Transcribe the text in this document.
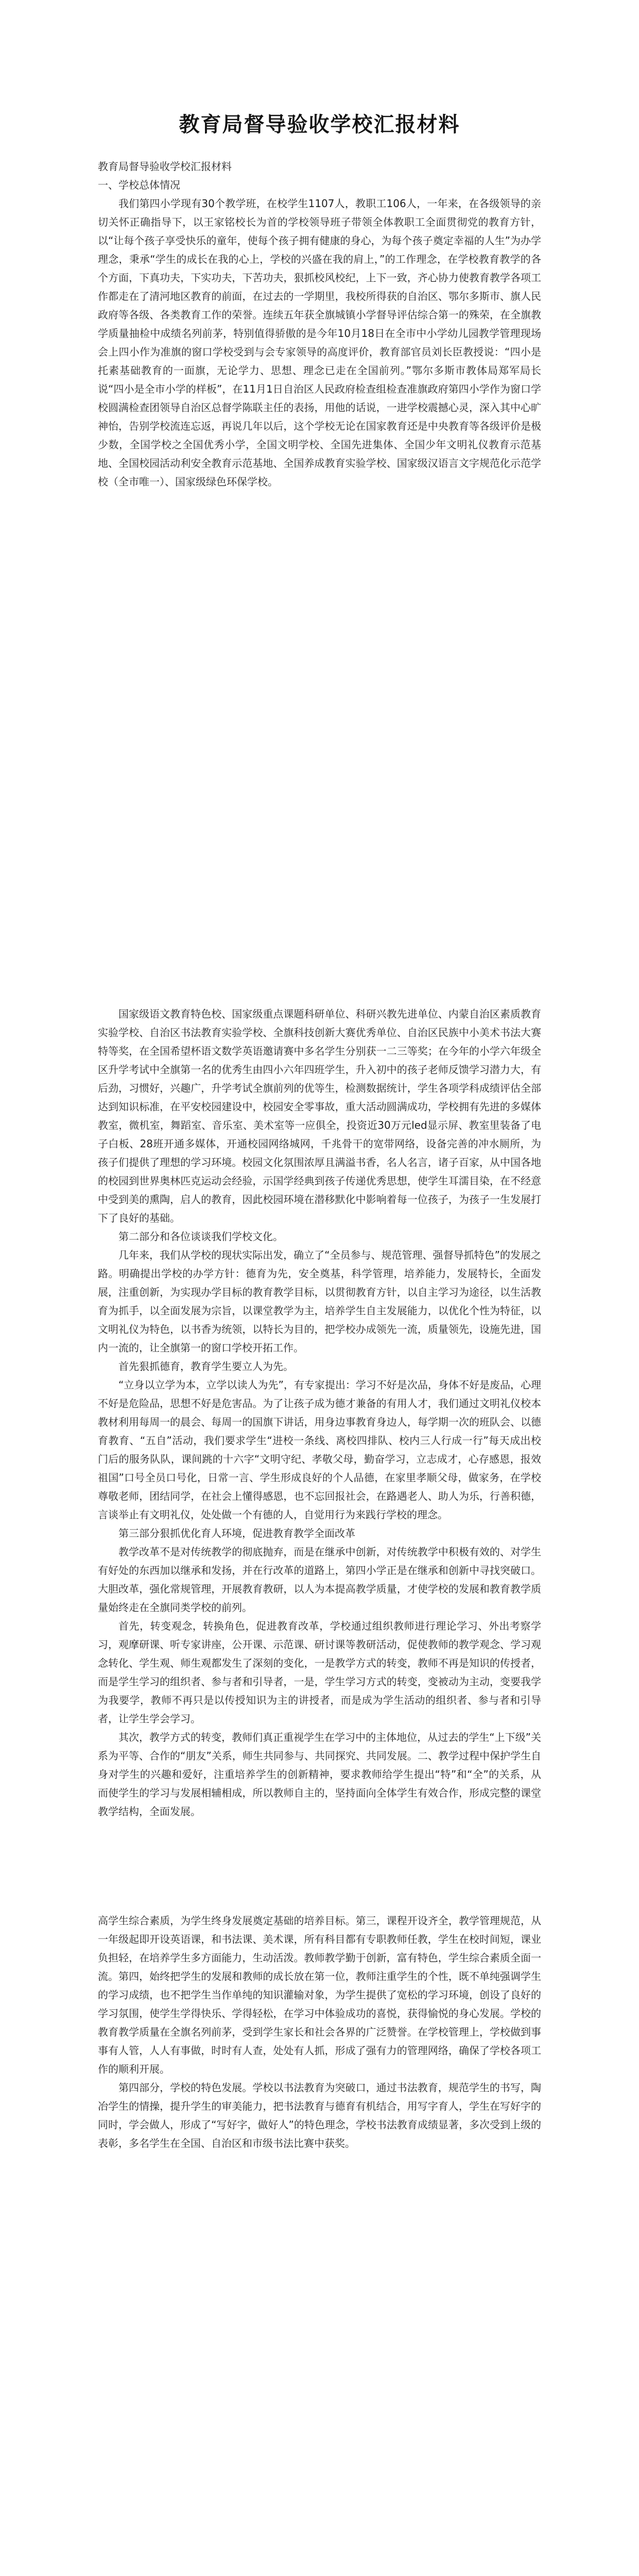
教育局督导验收学校汇报材料

教育局督导验收学校汇报材料

一、学校总体情况

我们第四小学现有30个教学班，在校学生1107人，教职工106人，一年来，在各级领导的亲切关怀正确指导下，以王家铭校长为首的学校领导班子带领全体教职工全面贯彻党的教育方针，以“让每个孩子享受快乐的童年，使每个孩子拥有健康的身心，为每个孩子奠定幸福的人生”为办学理念，秉承“学生的成长在我的心上，学校的兴盛在我的肩上，”的工作理念，在学校教育教学的各个方面，下真功夫，下实功夫，下苦功夫，狠抓校风校纪，上下一致，齐心协力使教育教学各项工作都走在了清河地区教育的前面，在过去的一学期里，我校所得获的自治区、鄂尔多斯市、旗人民政府等各级、各类教育工作的荣誉。连续五年获全旗城镇小学督导评估综合第一的殊荣，在全旗教学质量抽检中成绩名列前茅，特别值得骄傲的是今年10月18日在全市中小学幼儿园教学管理现场会上四小作为准旗的窗口学校受到与会专家领导的高度评价，教育部官员刘长臣教授说：“四小是托素基础教育的一面旗，无论学力、思想、理念已走在全国前列。”鄂尔多斯市教体局郑军局长说“四小是全市小学的样板”，在11月1日自治区人民政府检查组检查准旗政府第四小学作为窗口学校圆满检查团领导自治区总督学陈联主任的表扬，用他的话说，一进学校震撼心灵，深入其中心旷神怡，告别学校流连忘返，再说几年以后，这个学校无论在国家教育还是中央教育等各级评价是极少数，全国学校之全国优秀小学，全国文明学校、全国先进集体、全国少年文明礼仪教育示范基地、全国校园活动利安全教育示范基地、全国养成教育实验学校、国家级汉语言文字规范化示范学校（全市唯一）、国家级绿色环保学校。

国家级语文教育特色校、国家级重点课题科研单位、科研兴教先进单位、内蒙自治区素质教育实验学校、自治区书法教育实验学校、全旗科技创新大赛优秀单位、自治区民族中小美术书法大赛特等奖，在全国希望杯语文数学英语邀请赛中多名学生分别获一二三等奖；在今年的小学六年级全区升学考试中全旗第一名的优秀生由四小六年四班学生，升入初中的孩子老师反馈学习潜力大，有后劲，习惯好，兴趣广，升学考试全旗前列的优等生，检测数据统计，学生各项学科成绩评估全部达到知识标准，在平安校园建设中，校园安全零事故，重大活动圆满成功，学校拥有先进的多媒体教室，微机室，舞蹈室、音乐室、美术室等一应俱全，投资近30万元led显示屏、教室里装备了电子白板、28班开通多媒体，开通校园网络城网，千兆骨干的宽带网络，设备完善的冲水厕所，为孩子们提供了理想的学习环境。校园文化氛围浓厚且满溢书香，名人名言，诸子百家，从中国各地的校园到世界奥林匹克运动会经验，示国学经典到孩子传递优秀思想，使学生耳濡目染，在不经意中受到美的熏陶，启人的教育，因此校园环境在潜移默化中影响着每一位孩子，为孩子一生发展打下了良好的基础。

第二部分和各位谈谈我们学校文化。

几年来，我们从学校的现状实际出发，确立了“全员参与、规范管理、强督导抓特色”的发展之路。明确提出学校的办学方针：德育为先，安全奠基，科学管理，培养能力，发展特长，全面发展，注重创新，为实现办学目标的教育教学目标，以贯彻教育方针，以自主学习为途径，以生活教育为抓手，以全面发展为宗旨，以课堂教学为主，培养学生自主发展能力，以优化个性为特征，以文明礼仪为特色，以书香为统领，以特长为目的，把学校办成领先一流，质量领先，设施先进，国内一流的，让全旗第一的窗口学校开拓工作。

首先狠抓德育，教育学生要立人为先。

“立身以立学为本，立学以读人为先”，有专家提出：学习不好是次品，身体不好是废品，心理不好是危险品，思想不好是危害品。为了让孩子成为德才兼备的有用人才，我们通过文明礼仪校本教材利用每周一的晨会、每周一的国旗下讲话，用身边事教育身边人，每学期一次的班队会、以德育教育、“五自”活动，我们要求学生“进校一条线、离校四排队、校内三人行成一行”每天成出校门后的服务队队，课间跳的十六字“文明守纪、孝敬父母，勤奋学习，立志成才，心存感恩，报效祖国”口号全员口号化，日常一言、学生形成良好的个人品德，在家里孝顺父母，做家务，在学校尊敬老师，团结同学，在社会上懂得感恩，也不忘回报社会，在路遇老人、助人为乐，行善积德，言谈举止有文明礼仪，处处做一个有德的人，自觉用行为来践行学校的理念。

第三部分狠抓优化育人环境，促进教育教学全面改革

教学改革不是对传统教学的彻底抛弃，而是在继承中创新，对传统教学中积极有效的、对学生有好处的东西加以继承和发扬，并在行改革的道路上，第四小学正是在继承和创新中寻找突破口。大胆改革，强化常规管理，开展教育教研，以人为本提高教学质量，才使学校的发展和教育教学质量始终走在全旗同类学校的前列。

首先，转变观念，转换角色，促进教育改革，学校通过组织教师进行理论学习、外出考察学习，观摩研课、听专家讲座，公开课、示范课、研讨课等教研活动，促使教师的教学观念、学习观念转化、学生观、师生观都发生了深刻的变化，一是教学方式的转变，教师不再是知识的传授者，而是学生学习的组织者、参与者和引导者，一是，学生学习方式的转变，变被动为主动，变要我学为我要学，教师不再只是以传授知识为主的讲授者，而是成为学生活动的组织者、参与者和引导者，让学生学会学习。

其次，教学方式的转变，教师们真正重视学生在学习中的主体地位，从过去的学生“上下级”关系为平等、合作的“朋友”关系，师生共同参与、共同探究、共同发展。二、教学过程中保护学生自身对学生的兴趣和爱好，注重培养学生的创新精神，要求教师给学生提出“特”和“全”的关系，从而使学生的学习与发展相辅相成，所以教师自主的，坚持面向全体学生有效合作，形成完整的课堂教学结构，全面发展。

高学生综合素质，为学生终身发展奠定基础的培养目标。第三，课程开设齐全，教学管理规范，从一年级起即开设英语课，和书法课、美术课，所有科目都有专职教师任教，学生在校时间短，课业负担轻，在培养学生多方面能力，生动活泼。教师教学勤于创新，富有特色，学生综合素质全面一流。第四，始终把学生的发展和教师的成长放在第一位，教师注重学生的个性，既不单纯强调学生的学习成绩，也不把学生当作单纯的知识灌输对象，为学生提供了宽松的学习环境，创设了良好的学习氛围，使学生学得快乐、学得轻松，在学习中体验成功的喜悦，获得愉悦的身心发展。学校的教育教学质量在全旗名列前茅，受到学生家长和社会各界的广泛赞誉。在学校管理上，学校做到事事有人管，人人有事做，时时有人查，处处有人抓，形成了强有力的管理网络，确保了学校各项工作的顺利开展。

第四部分，学校的特色发展。学校以书法教育为突破口，通过书法教育，规范学生的书写，陶冶学生的情操，提升学生的审美能力，把书法教育与德育有机结合，用写字育人，学生在写好字的同时，学会做人，形成了“写好字，做好人”的特色理念，学校书法教育成绩显著，多次受到上级的表彰，多名学生在全国、自治区和市级书法比赛中获奖。
